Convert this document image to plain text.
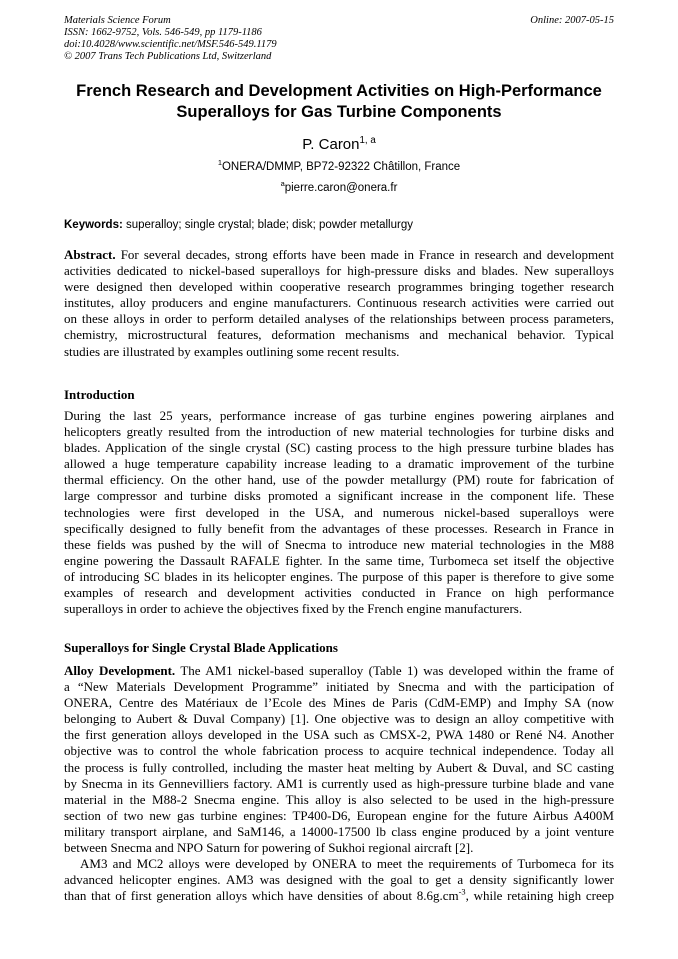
Materials Science Forum
ISSN: 1662-9752, Vols. 546-549, pp 1179-1186
doi:10.4028/www.scientific.net/MSF.546-549.1179
© 2007 Trans Tech Publications Ltd, Switzerland
Online: 2007-05-15
French Research and Development Activities on High-Performance
Superalloys for Gas Turbine Components
P. Caron$^{1, a}$
$^1$ONERA/DMMP, BP72-92322 Châtillon, France
$^a$pierre.caron@onera.fr
Keywords: superalloy; single crystal; blade; disk; powder metallurgy
Abstract. For several decades, strong efforts have been made in France in research and development
activities dedicated to nickel-based superalloys for high-pressure disks and blades. New superalloys
were designed then developed within cooperative research programmes bringing together research
institutes, alloy producers and engine manufacturers. Continuous research activities were carried out
on these alloys in order to perform detailed analyses of the relationships between process parameters,
chemistry, microstructural features, deformation mechanisms and mechanical behavior. Typical
studies are illustrated by examples outlining some recent results.
Introduction
During the last 25 years, performance increase of gas turbine engines powering airplanes and
helicopters greatly resulted from the introduction of new material technologies for turbine disks and
blades. Application of the single crystal (SC) casting process to the high pressure turbine blades has
allowed a huge temperature capability increase leading to a dramatic improvement of the turbine
thermal efficiency. On the other hand, use of the powder metallurgy (PM) route for fabrication of
large compressor and turbine disks promoted a significant increase in the component life. These
technologies were first developed in the USA, and numerous nickel-based superalloys were
specifically designed to fully benefit from the advantages of these processes. Research in France in
these fields was pushed by the will of Snecma to introduce new material technologies in the M88
engine powering the Dassault RAFALE fighter. In the same time, Turbomeca set itself the objective
of introducing SC blades in its helicopter engines. The purpose of this paper is therefore to give some
examples of research and development activities conducted in France on high performance
superalloys in order to achieve the objectives fixed by the French engine manufacturers.
Superalloys for Single Crystal Blade Applications
Alloy Development. The AM1 nickel-based superalloy (Table 1) was developed within the frame of
a “New Materials Development Programme” initiated by Snecma and with the participation of
ONERA, Centre des Matériaux de l’Ecole des Mines de Paris (CdM-EMP) and Imphy SA (now
belonging to Aubert & Duval Company) [1]. One objective was to design an alloy competitive with
the first generation alloys developed in the USA such as CMSX-2, PWA 1480 or René N4. Another
objective was to control the whole fabrication process to acquire technical independence. Today all
the process is fully controlled, including the master heat melting by Aubert & Duval, and SC casting
by Snecma in its Gennevilliers factory. AM1 is currently used as high-pressure turbine blade and vane
material in the M88-2 Snecma engine. This alloy is also selected to be used in the high-pressure
section of two new gas turbine engines: TP400-D6, European engine for the future Airbus A400M
military transport airplane, and SaM146, a 14000-17500 lb class engine produced by a joint venture
between Snecma and NPO Saturn for powering of Sukhoi regional aircraft [2].
AM3 and MC2 alloys were developed by ONERA to meet the requirements of Turbomeca for its
advanced helicopter engines. AM3 was designed with the goal to get a density significantly lower
than that of first generation alloys which have densities of about $8.6g.cm^{-3}$, while retaining high creep
